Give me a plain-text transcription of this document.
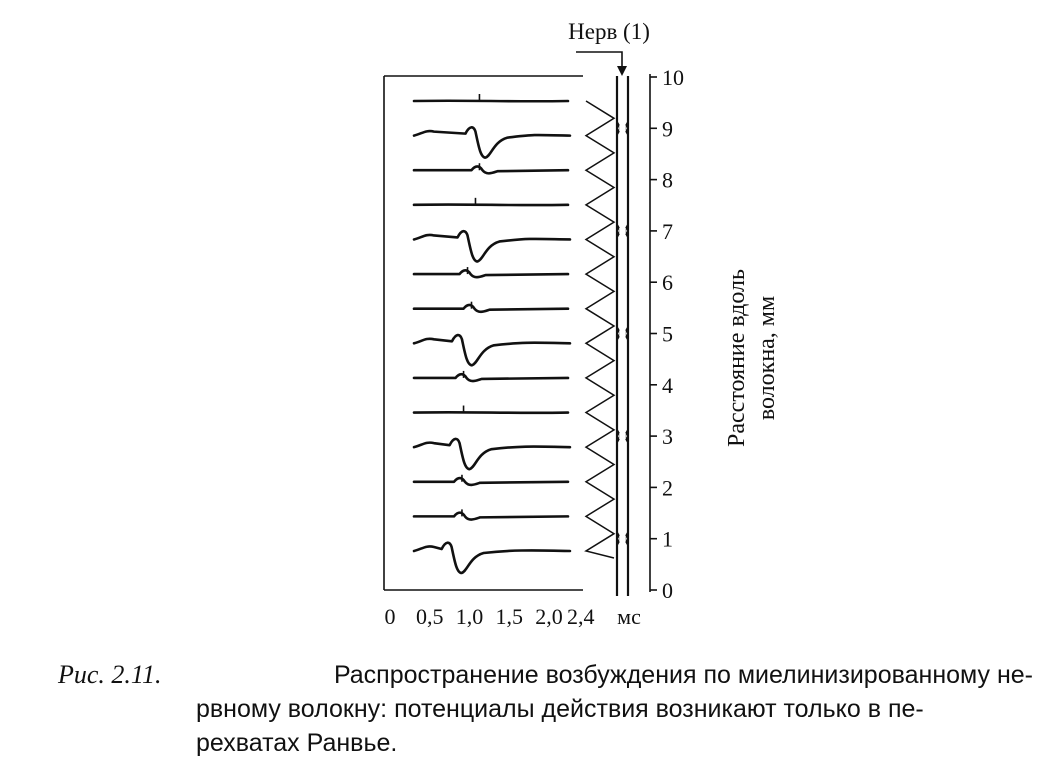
0
1
2
3
4
5
6
7
8
9
10
0 0,5 1,0 1,5 2,0 2,4 мс
Нерв (1)
Расстояние вдоль волокна, мм
Рис. 2.11.	Распространение возбуждения по миелинизированному не-
рвному волокну: потенциалы действия возникают только в пе-
рехватах Ранвье.
